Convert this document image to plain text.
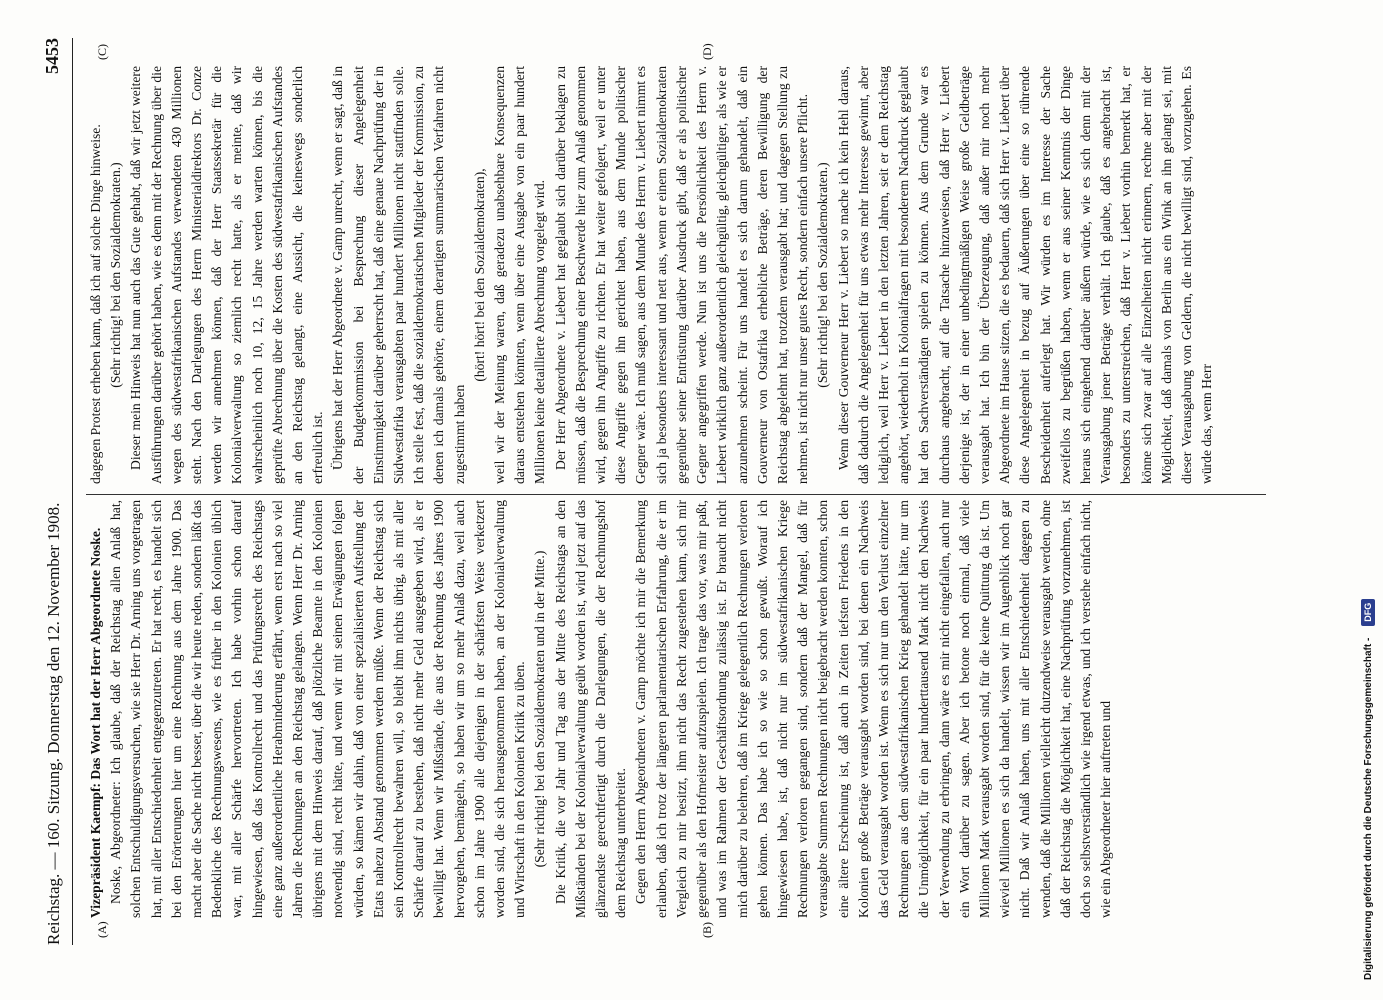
Reichstag. — 160. Sitzung. Donnerstag den 12. November 1908.
5453
(A)	(B)
(C)	(D)

Vizepräsident Kaempf: Das Wort hat der Herr Abgeordnete Noske. Noske, Abgeordneter: Ich glaube, daß der Reichstag allen Anlaß hat, solchen Entschuldigungsversuchen, wie sie Herr Dr. Arning uns vorgetragen hat, mit aller Entschiedenheit entgegenzutreten. Er hat recht, es handelt sich bei den Erörterungen hier um eine Rechnung aus dem Jahre 1900. Das macht aber die Sache nicht besser, über die wir heute reden, sondern läßt das Bedenkliche des Rechnungswesens, wie es früher in den Kolonien üblich war, mit aller Schärfe hervortreten. Ich habe vorhin schon darauf hingewiesen, daß das Kontrollrecht und das Prüfungsrecht des Reichstags eine ganz außerordentliche Herabminderung erfährt, wenn erst nach so viel Jahren die Rechnungen an den Reichstag gelangen. Wenn Herr Dr. Arning übrigens mit dem Hinweis darauf, daß plötzliche Beamte in den Kolonien notwendig sind, recht hätte, und wenn wir mit seinen Erwägungen folgen würden, so kämen wir dahin, daß von einer spezialisierten Aufstellung der Etats nahezu Abstand genommen werden müßte. Wenn der Reichstag sich sein Kontrollrecht bewahren will, so bleibt ihm nichts übrig, als mit aller Schärfe darauf zu bestehen, daß nicht mehr Geld ausgegeben wird, als er bewilligt hat. Wenn wir Mißstände, die aus der Rechnung des Jahres 1900 hervorgehen, bemängeln, so haben wir um so mehr Anlaß dazu, weil auch schon im Jahre 1900 alle diejenigen in der schärfsten Weise verketzert worden sind, die sich herausgenommen haben, an der Kolonialverwaltung und Wirtschaft in den Kolonien Kritik zu üben. (Sehr richtig! bei den Sozialdemokraten und in der Mitte.) Die Kritik, die vor Jahr und Tag aus der Mitte des Reichstags an den Mißständen bei der Kolonialverwaltung geübt worden ist, wird jetzt auf das glänzendste gerechtfertigt durch die Darlegungen, die der Rechnungshof dem Reichstag unterbreitet. Gegen den Herrn Abgeordneten v. Gamp möchte ich mir die Bemerkung erlauben, daß ich trotz der längeren parlamentarischen Erfahrung, die er im Vergleich zu mir besitzt, ihm nicht das Recht zugestehen kann, sich mir gegenüber als den Hofmeister aufzuspielen. Ich trage das vor, was mir paßt, und was im Rahmen der Geschäftsordnung zulässig ist. Er braucht nicht mich darüber zu belehren, daß im Kriege gelegentlich Rechnungen verloren gehen können. Das habe ich so wie so schon gewußt. Worauf ich hingewiesen habe, ist, daß nicht nur im südwestafrikanischen Kriege Rechnungen verloren gegangen sind, sondern daß der Mangel, daß für verausgabte Summen Rechnungen nicht beigebracht werden konnten, schon eine ältere Erscheinung ist, daß auch in Zeiten tiefsten Friedens in den Kolonien große Beträge verausgabt worden sind, bei denen ein Nachweis das Geld verausgabt worden ist. Wenn es sich nur um den Verlust einzelner Rechnungen aus dem südwestafrikanischen Krieg gehandelt hätte, nur um die Unmöglichkeit, für ein paar hunderttausend Mark nicht den Nachweis der Verwendung zu erbringen, dann wäre es mir nicht eingefallen, auch nur ein Wort darüber zu sagen. Aber ich betone noch einmal, daß viele Millionen Mark verausgabt worden sind, für die keine Quittung da ist. Um wieviel Millionen es sich da handelt, wissen wir im Augenblick noch gar nicht. Daß wir Anlaß haben, uns mit aller Entschiedenheit dagegen zu wenden, daß die Millionen vielleicht dutzendweise verausgabt werden, ohne daß der Reichstag die Möglichkeit hat, eine Nachprüfung vorzunehmen, ist doch so selbstverständlich wie irgend etwas, und ich verstehe einfach nicht, wie ein Abgeordneter hier auftreten und

dagegen Protest erheben kann, daß ich auf solche Dinge hinweise. (Sehr richtig! bei den Sozialdemokraten.) Dieser mein Hinweis hat nun auch das Gute gehabt, daß wir jetzt weitere Ausführungen darüber gehört haben, wie es denn mit der Rechnung über die wegen des südwestafrikanischen Aufstandes verwendeten 430 Millionen steht. Nach den Darlegungen des Herrn Ministerialdirektors Dr. Conze werden wir annehmen können, daß der Herr Staatssekretär für die Kolonialverwaltung so ziemlich recht hatte, als er meinte, daß wir wahrscheinlich noch 10, 12, 15 Jahre werden warten können, bis die geprüfte Abrechnung über die Kosten des südwestafrikanischen Aufstandes an den Reichstag gelangt, eine Aussicht, die keineswegs sonderlich erfreulich ist. Übrigens hat der Herr Abgeordnete v. Gamp unrecht, wenn er sagt, daß in der Budgetkommission bei Besprechung dieser Angelegenheit Einstimmigkeit darüber geherrscht hat, daß eine genaue Nachprüfung der in Südwestafrika verausgabten paar hundert Millionen nicht stattfinden solle. Ich stelle fest, daß die sozialdemokratischen Mitglieder der Kommission, zu denen ich damals gehörte, einem derartigen summarischen Verfahren nicht zugestimmt haben

(hört! hört! bei den Sozialdemokraten), weil wir der Meinung waren, daß geradezu unabsehbare Konsequenzen daraus entstehen könnten, wenn über eine Ausgabe von ein paar hundert Millionen keine detaillierte Abrechnung vorgelegt wird. Der Herr Abgeordnete v. Liebert hat geglaubt sich darüber beklagen zu müssen, daß die Besprechung einer Beschwerde hier zum Anlaß genommen wird, gegen ihn Angriffe zu richten. Er hat weiter gefolgert, weil er unter diese Angriffe gegen ihn gerichtet haben, aus dem Munde politischer Gegner wäre. Ich muß sagen, aus dem Munde des Herrn v. Liebert nimmt es sich ja besonders interessant und nett aus, wenn er einem Sozialdemokraten gegenüber seiner Entrüstung darüber Ausdruck gibt, daß er als politischer Gegner angegriffen werde. Nun ist uns die Persönlichkeit des Herrn v. Liebert wirklich ganz außerordentlich gleichgültig, gleichgültiger, als wie er anzunehmen scheint. Für uns handelt es sich darum gehandelt, daß ein Gouverneur von Ostafrika erhebliche Beträge, deren Bewilligung der Reichstag abgelehnt hat, trotzdem verausgabt hat; und dagegen Stellung zu nehmen, ist nicht nur unser gutes Recht, sondern einfach unsere Pflicht. (Sehr richtig! bei den Sozialdemokraten.) Wenn dieser Gouverneur Herr v. Liebert so mache ich kein Hehl daraus, daß dadurch die Angelegenheit für uns etwas mehr Interesse gewinnt, aber lediglich, weil Herr v. Liebert in den letzten Jahren, seit er dem Reichstag angehört, wiederholt in Kolonialfragen mit besonderem Nachdruck geglaubt hat den Sachverständigen spielen zu können. Aus dem Grunde war es durchaus angebracht, auf die Tatsache hinzuweisen, daß Herr v. Liebert derjenige ist, der in einer unbedingtmäßigen Weise große Geldbeträge verausgabt hat. Ich bin der Überzeugung, daß außer mir noch mehr Abgeordnete im Hause sitzen, die es bedauern, daß sich Herr v. Liebert über diese Angelegenheit in bezug auf Äußerungen über eine so rührende Bescheidenheit auferlegt hat. Wir würden es im Interesse der Sache zweifellos zu begrüßen haben, wenn er aus seiner Kenntnis der Dinge heraus sich eingehend darüber äußern würde, wie es sich denn mit der Verausgabung jener Beträge verhält. Ich glaube, daß es angebracht ist, besonders zu unterstreichen, daß Herr v. Liebert vorhin bemerkt hat, er könne sich zwar auf alle Einzelheiten nicht erinnern, rechne aber mit der Möglichkeit, daß damals von Berlin aus ein Wink an ihn gelangt sei, mit dieser Verausgabung von Geldern, die nicht bewilligt sind, vorzugehen. Es würde das, wenn Herr

Digitalisierung gefördert durch die Deutsche Forschungsgemeinschaft -
DFG
